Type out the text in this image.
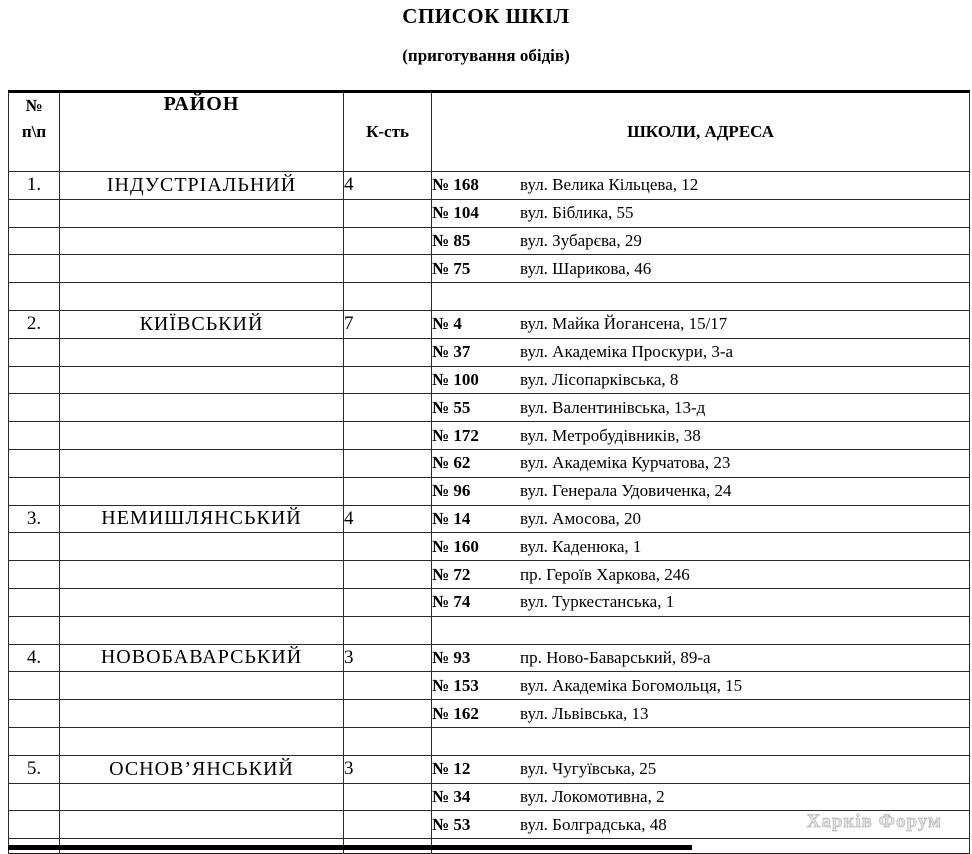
СПИСОК ШКІЛ
(приготування обідів)
№
п\п	РАЙОН	К-сть	ШКОЛИ, АДРЕСА
1.	ІНДУСТРІАЛЬНИЙ	4	№ 168 вул. Велика Кільцева, 12
			№ 104 вул. Біблика, 55
			№ 85 вул. Зубарєва, 29
			№ 75 вул. Шарикова, 46

2.	КИЇВСЬКИЙ	7	№ 4 вул. Майка Йогансена, 15/17
			№ 37 вул. Академіка Проскури, 3-а
			№ 100 вул. Лісопарківська, 8
			№ 55 вул. Валентинівська, 13-д
			№ 172 вул. Метробудівників, 38
			№ 62 вул. Академіка Курчатова, 23
			№ 96 вул. Генерала Удовиченка, 24
3.	НЕМИШЛЯНСЬКИЙ	4	№ 14 вул. Амосова, 20
			№ 160 вул. Каденюка, 1
			№ 72 пр. Героїв Харкова, 246
			№ 74 вул. Туркестанська, 1

4.	НОВОБАВАРСЬКИЙ	3	№ 93 пр. Ново-Баварський, 89-а
			№ 153 вул. Академіка Богомольця, 15
			№ 162 вул. Львівська, 13

5.	ОСНОВ’ЯНСЬКИЙ	3	№ 12 вул. Чугуївська, 25
			№ 34 вул. Локомотивна, 2
			№ 53 вул. Болградська, 48
				Харків Форум
